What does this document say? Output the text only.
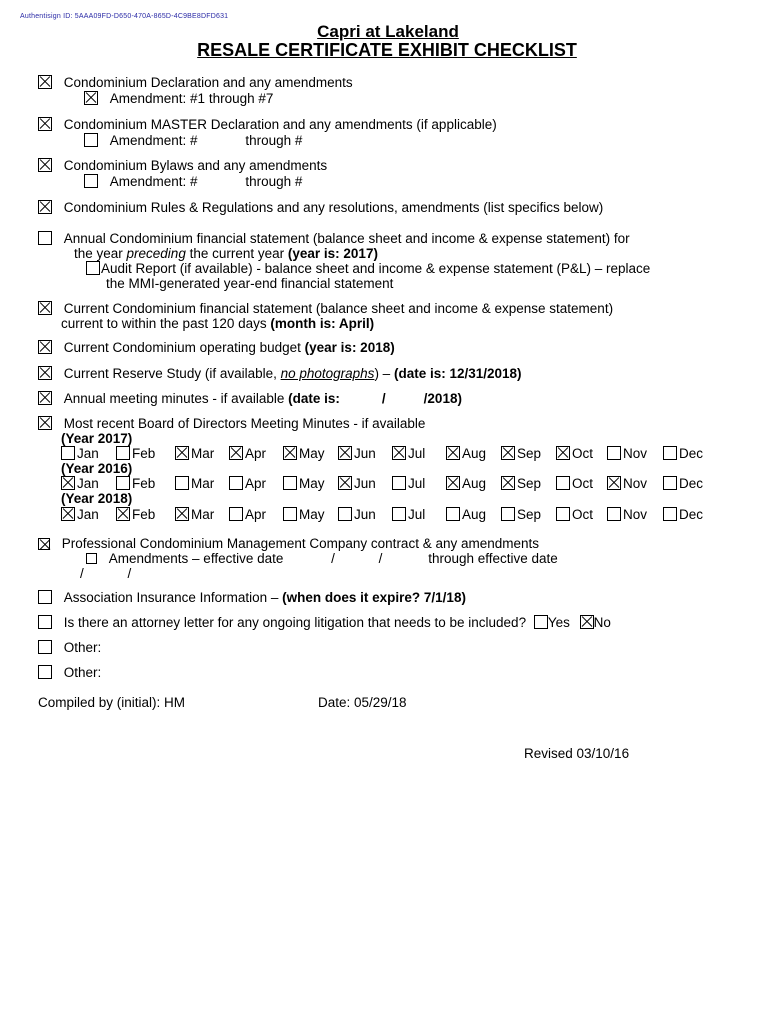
Authentisign ID: 5AAA09FD-D650-470A-865D-4C9BE8DFD631
Capri at Lakeland
RESALE CERTIFICATE EXHIBIT CHECKLIST
Condominium Declaration and any amendments
Amendment: #1 through #7
Condominium MASTER Declaration and any amendments (if applicable)
Amendment: #	through #
Condominium Bylaws and any amendments
Amendment: #	through #
Condominium Rules & Regulations and any resolutions, amendments (list specifics below)
Annual Condominium financial statement (balance sheet and income & expense statement) for
the year preceding the current year (year is: 2017)
Audit Report (if available) - balance sheet and income & expense statement (P&L) – replace
the MMI-generated year-end financial statement
Current Condominium financial statement (balance sheet and income & expense statement)
current to within the past 120 days (month is: April)
Current Condominium operating budget (year is: 2018)
Current Reserve Study (if available, no photographs) – (date is: 12/31/2018)
Annual meeting minutes - if available (date is:	/	/2018)
Most recent Board of Directors Meeting Minutes - if available
(Year 2017)
Jan	Feb	Mar	Apr	May	Jun	Jul	Aug	Sep	Oct	Nov	Dec
(Year 2016)
Jan	Feb	Mar	Apr	May	Jun	Jul	Aug	Sep	Oct	Nov	Dec
(Year 2018)
Jan	Feb	Mar	Apr	May	Jun	Jul	Aug	Sep	Oct	Nov	Dec
Professional Condominium Management Company contract & any amendments
Amendments – effective date	/	/	through effective date
/	/
Association Insurance Information – (when does it expire? 7/1/18)
Is there an attorney letter for any ongoing litigation that needs to be included? Yes No
Other:
Other:
Compiled by (initial): HM	Date: 05/29/18
Revised 03/10/16
